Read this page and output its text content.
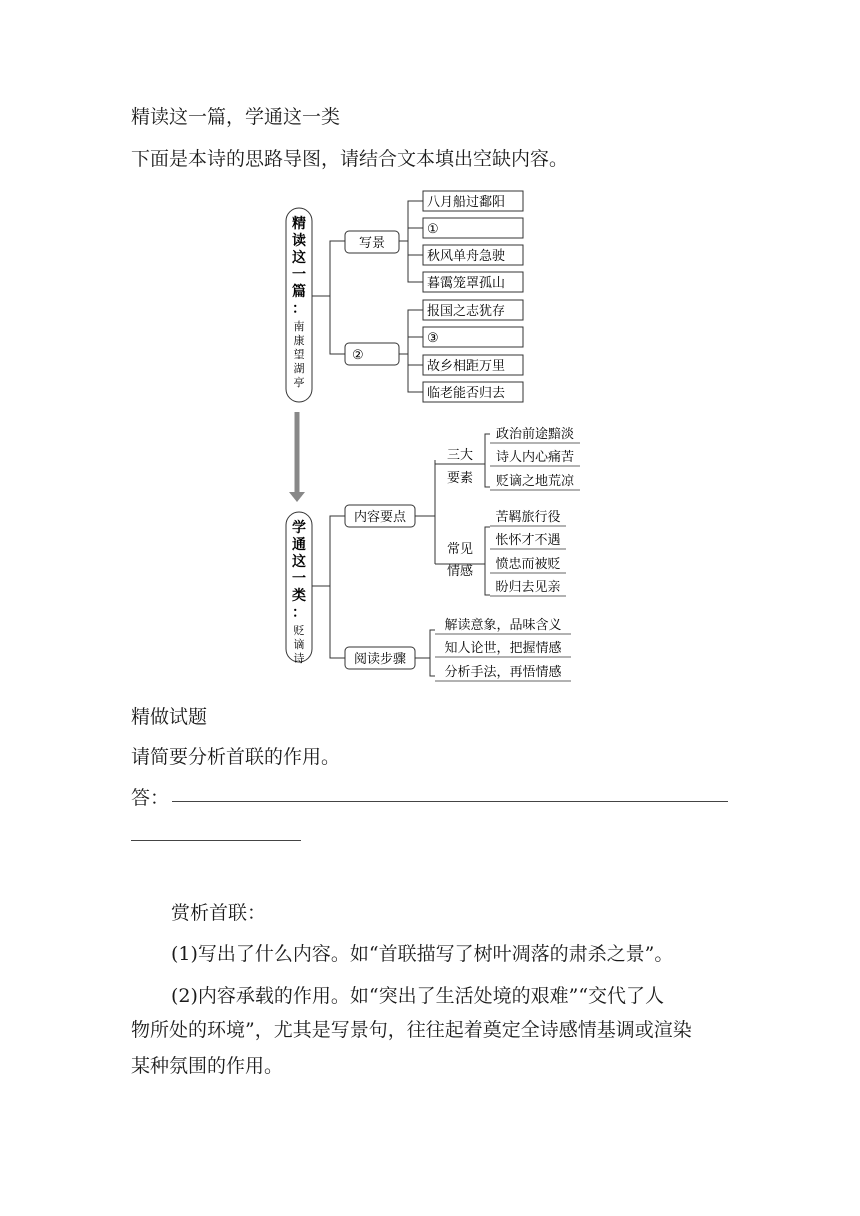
精读这一篇，学通这一类
下面是本诗的思路导图，请结合文本填出空缺内容。
精
读
这
一
篇
：
南
康
望
湖
亭
学
通
这
一
类
：
贬
谪
诗
写景
八月船过鄱阳
①
秋风单舟急驶
暮霭笼罩孤山
②
报国之志犹存
③
故乡相距万里
临老能否归去
内容要点
三大
要素
政治前途黯淡
诗人内心痛苦
贬谪之地荒凉
常见
情感
苦羁旅行役
怅怀才不遇
愤忠而被贬
盼归去见亲
阅读步骤
解读意象，品味含义
知人论世，把握情感
分析手法，再悟情感
精做试题
请简要分析首联的作用。
答：
赏析首联：
(1)写出了什么内容。如“首联描写了树叶凋落的肃杀之景”。
(2)内容承载的作用。如“突出了生活处境的艰难”“交代了人
物所处的环境”，尤其是写景句，往往起着奠定全诗感情基调或渲染
某种氛围的作用。
